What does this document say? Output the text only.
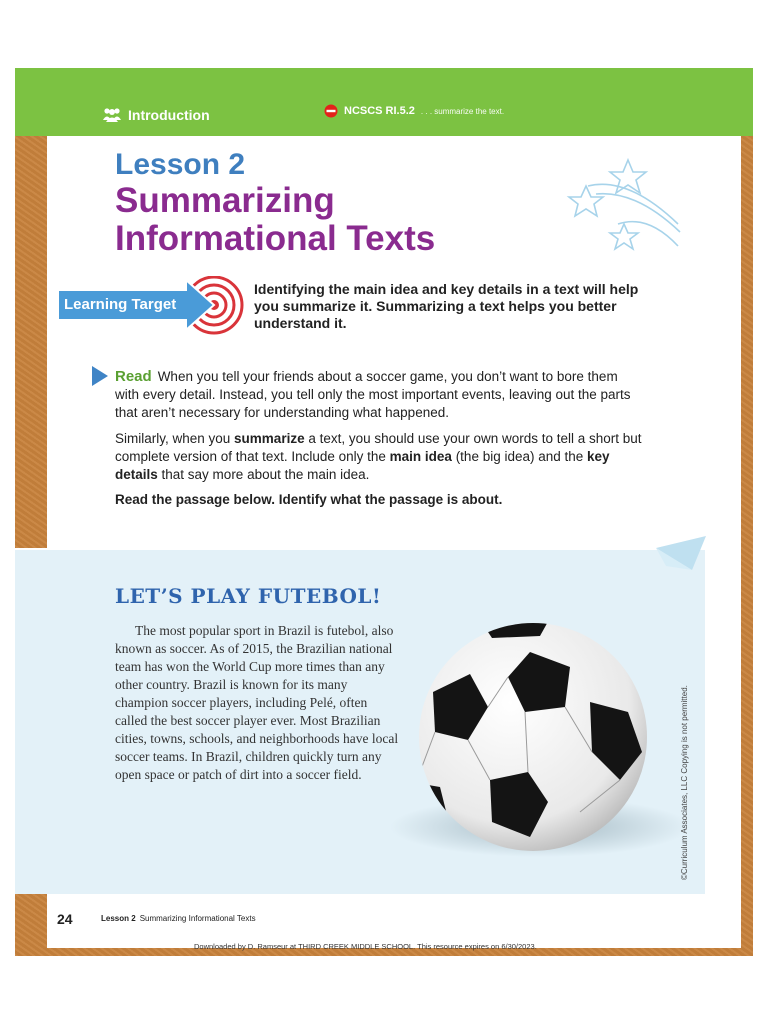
Introduction	NCSCS RI.5.2 . . . summarize the text.
Lesson 2
Summarizing Informational Texts
Learning Target
Identifying the main idea and key details in a text will help you summarize it. Summarizing a text helps you better understand it.
Read When you tell your friends about a soccer game, you don’t want to bore them with every detail. Instead, you tell only the most important events, leaving out the parts that aren’t necessary for understanding what happened.
Similarly, when you summarize a text, you should use your own words to tell a short but complete version of that text. Include only the main idea (the big idea) and the key details that say more about the main idea.
Read the passage below. Identify what the passage is about.
LET’S PLAY FUTEBOL!
The most popular sport in Brazil is futebol, also known as soccer. As of 2015, the Brazilian national team has won the World Cup more times than any other country. Brazil is known for its many champion soccer players, including Pelé, often called the best soccer player ever. Most Brazilian cities, towns, schools, and neighborhoods have local soccer teams. In Brazil, children quickly turn any open space or patch of dirt into a soccer field.	©Curriculum Associates, LLC Copying is not permitted.
24	Lesson 2 Summarizing Informational Texts
Downloaded by D. Ramseur at THIRD CREEK MIDDLE SCHOOL. This resource expires on 6/30/2023.
